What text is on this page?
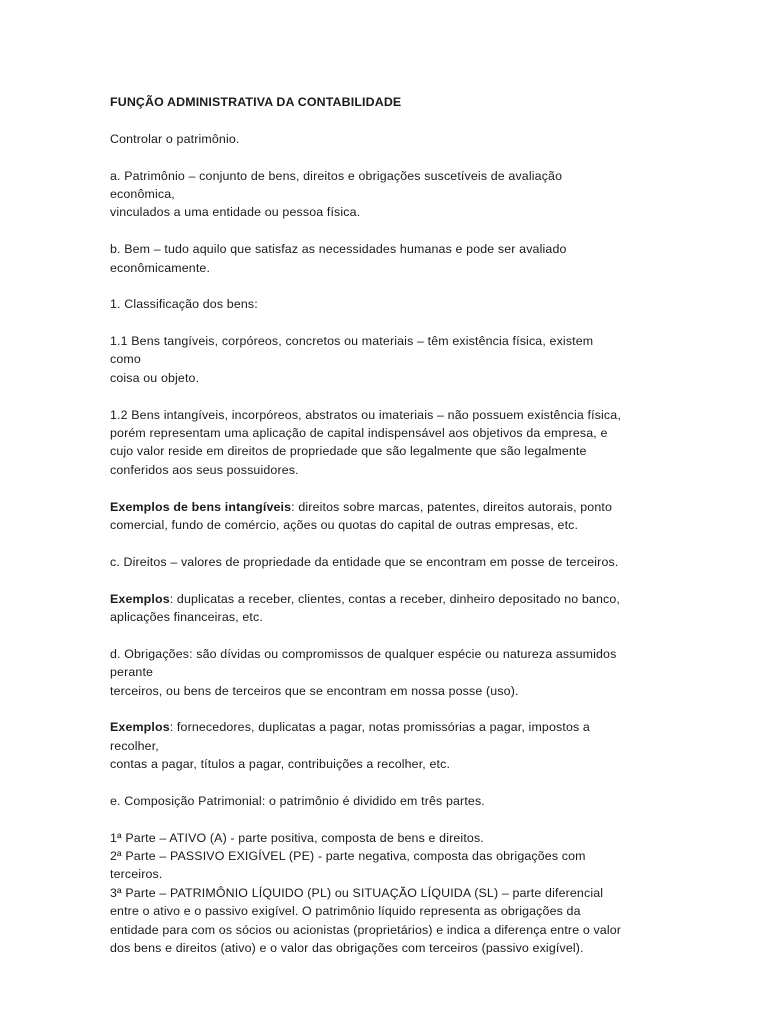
FUNÇÃO ADMINISTRATIVA DA CONTABILIDADE
Controlar o patrimônio.
a. Patrimônio – conjunto de bens, direitos e obrigações suscetíveis de avaliação
econômica,
vinculados a uma entidade ou pessoa física.
b. Bem – tudo aquilo que satisfaz as necessidades humanas e pode ser avaliado
econômicamente.
1. Classificação dos bens:
1.1 Bens tangíveis, corpóreos, concretos ou materiais – têm existência física, existem
como
coisa ou objeto.
1.2 Bens intangíveis, incorpóreos, abstratos ou imateriais – não possuem existência física,
porém representam uma aplicação de capital indispensável aos objetivos da empresa, e
cujo valor reside em direitos de propriedade que são legalmente que são legalmente
conferidos aos seus possuidores.
Exemplos de bens intangíveis: direitos sobre marcas, patentes, direitos autorais, ponto
comercial, fundo de comércio, ações ou quotas do capital de outras empresas, etc.
c. Direitos – valores de propriedade da entidade que se encontram em posse de terceiros.
Exemplos: duplicatas a receber, clientes, contas a receber, dinheiro depositado no banco,
aplicações financeiras, etc.
d. Obrigações: são dívidas ou compromissos de qualquer espécie ou natureza assumidos
perante
terceiros, ou bens de terceiros que se encontram em nossa posse (uso).
Exemplos: fornecedores, duplicatas a pagar, notas promissórias a pagar, impostos a
recolher,
contas a pagar, títulos a pagar, contribuições a recolher, etc.
e. Composição Patrimonial: o patrimônio é dividido em três partes.
1ª Parte – ATIVO (A) - parte positiva, composta de bens e direitos.
2ª Parte – PASSIVO EXIGÍVEL (PE) - parte negativa, composta das obrigações com
terceiros.
3ª Parte – PATRIMÔNIO LÍQUIDO (PL) ou SITUAÇÃO LÍQUIDA (SL) – parte diferencial
entre o ativo e o passivo exigível. O patrimônio líquido representa as obrigações da
entidade para com os sócios ou acionistas (proprietários) e indica a diferença entre o valor
dos bens e direitos (ativo) e o valor das obrigações com terceiros (passivo exigível).
